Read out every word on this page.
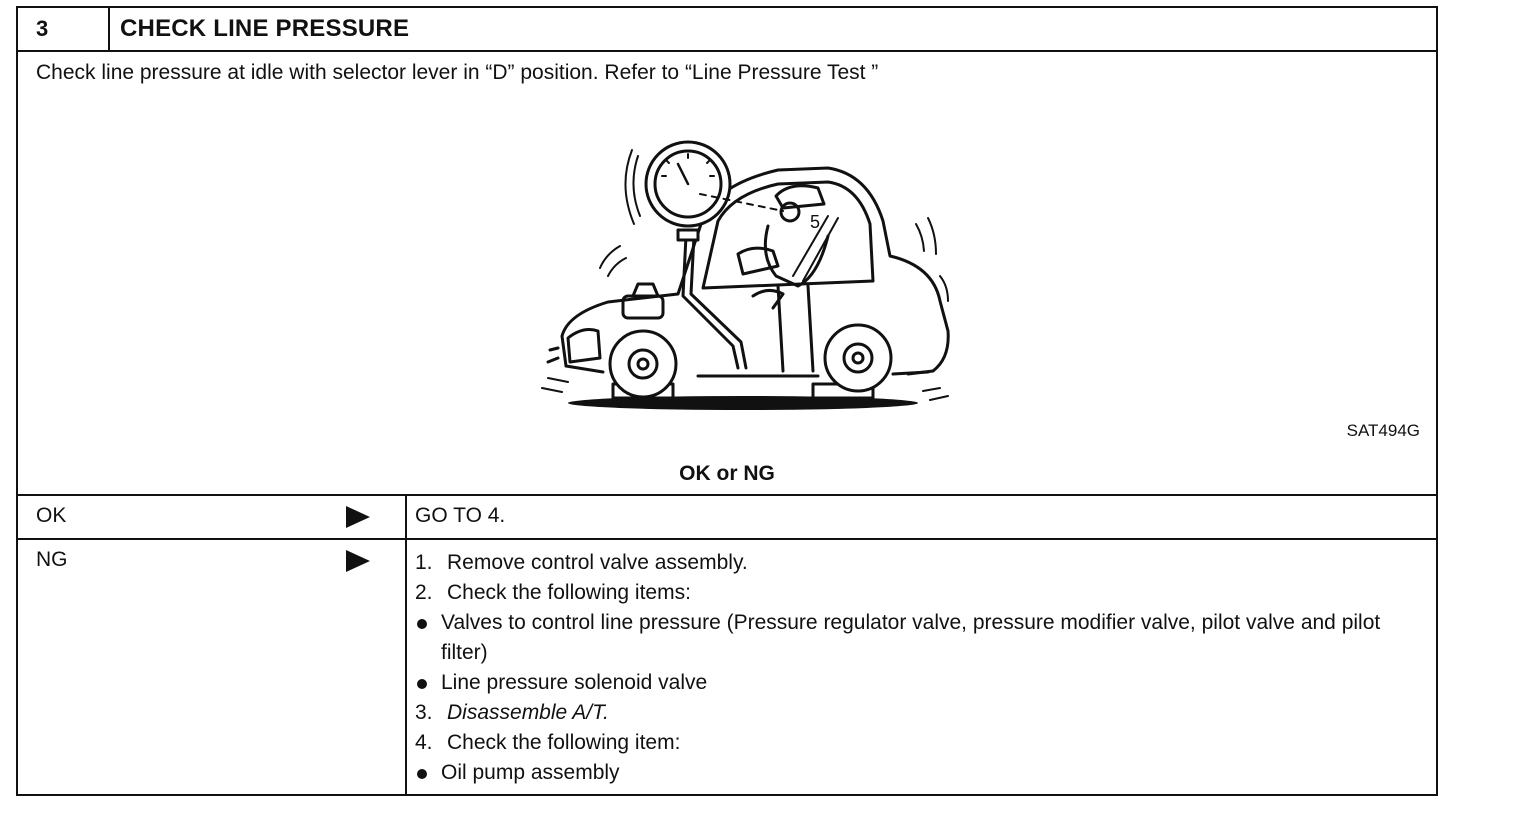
3	CHECK LINE PRESSURE
Check line pressure at idle with selector lever in “D” position. Refer to “Line Pressure Test ”
5
SAT494G
OK or NG
OK	GO TO 4.
NG	1. Remove control valve assembly.
2. Check the following items:
Valves to control line pressure (Pressure regulator valve, pressure modifier valve, pilot valve and pilot filter)
Line pressure solenoid valve
3. Disassemble A/T.
4. Check the following item:
Oil pump assembly
